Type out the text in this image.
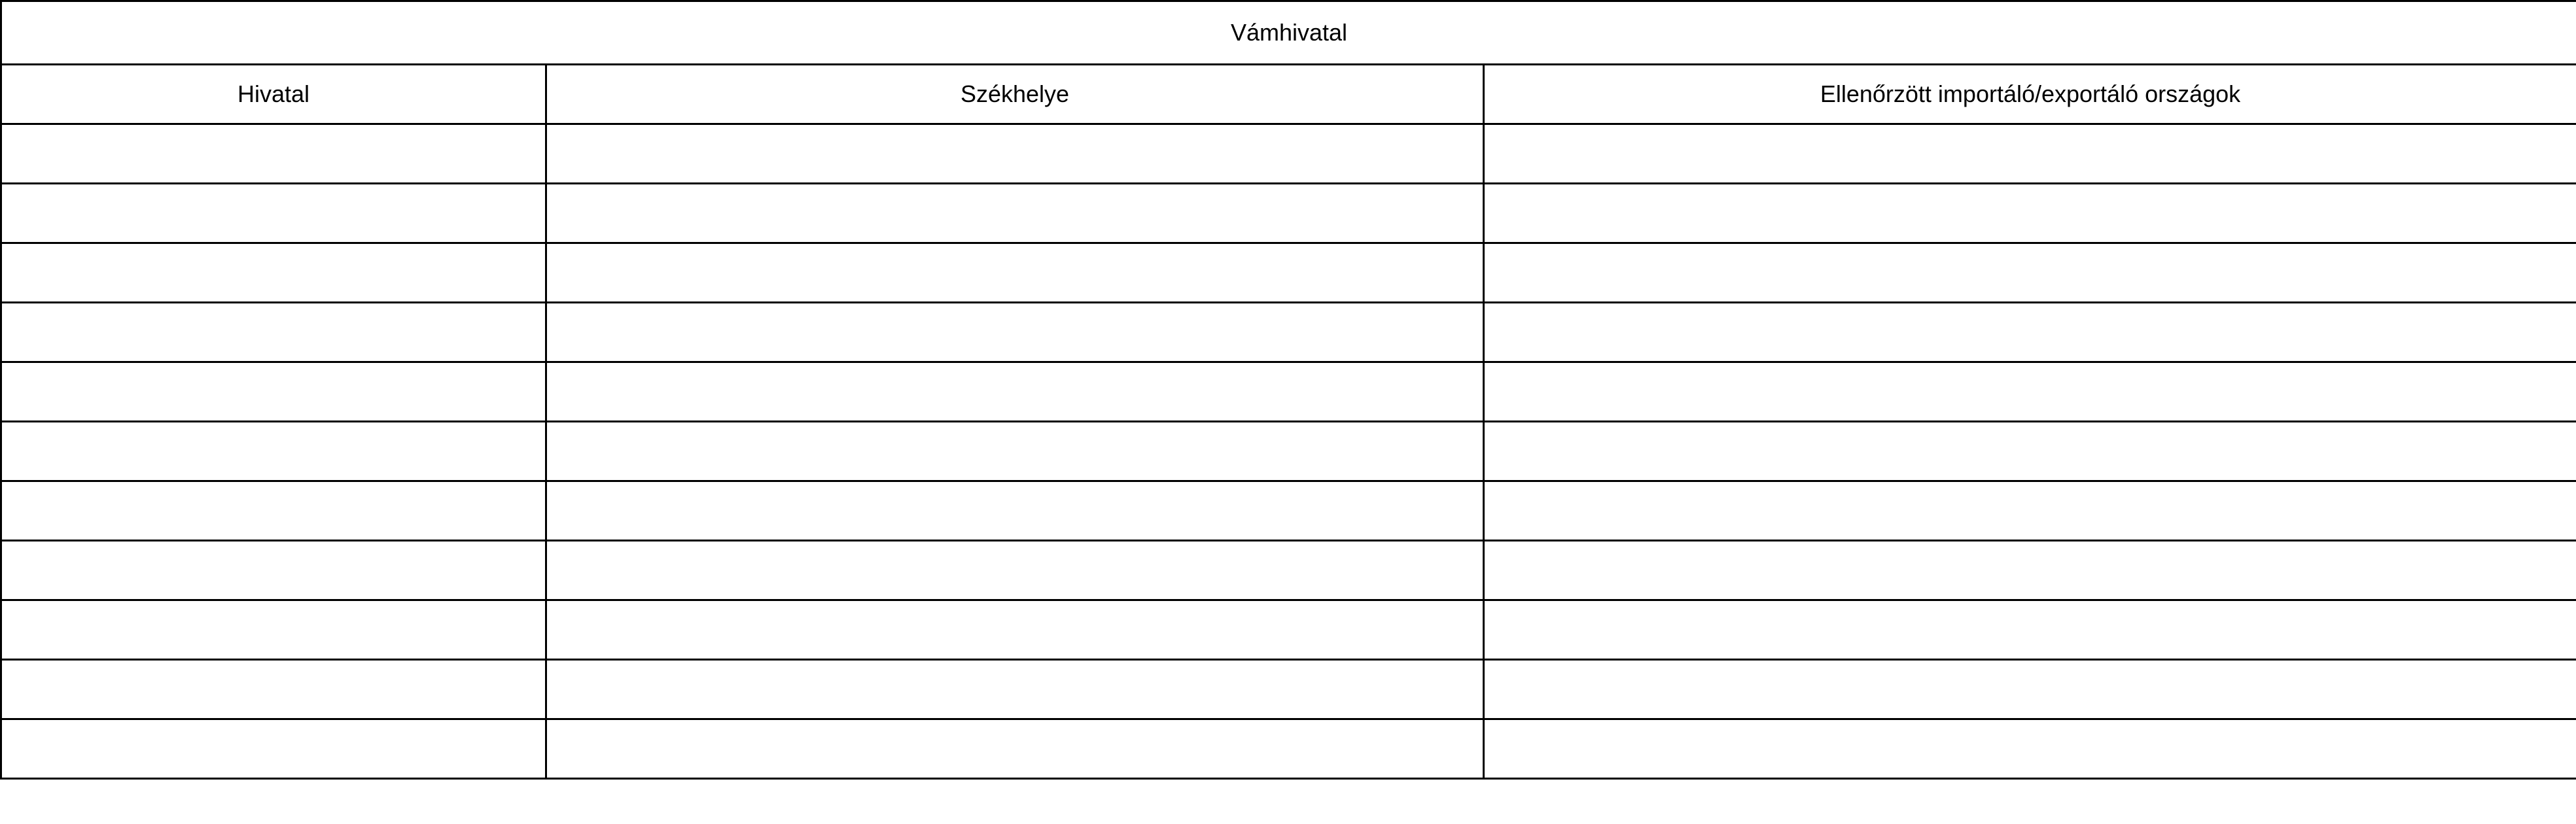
Vámhivatal		
Hivatal	Székhelye	Ellenőrzött importáló/exportáló országok
